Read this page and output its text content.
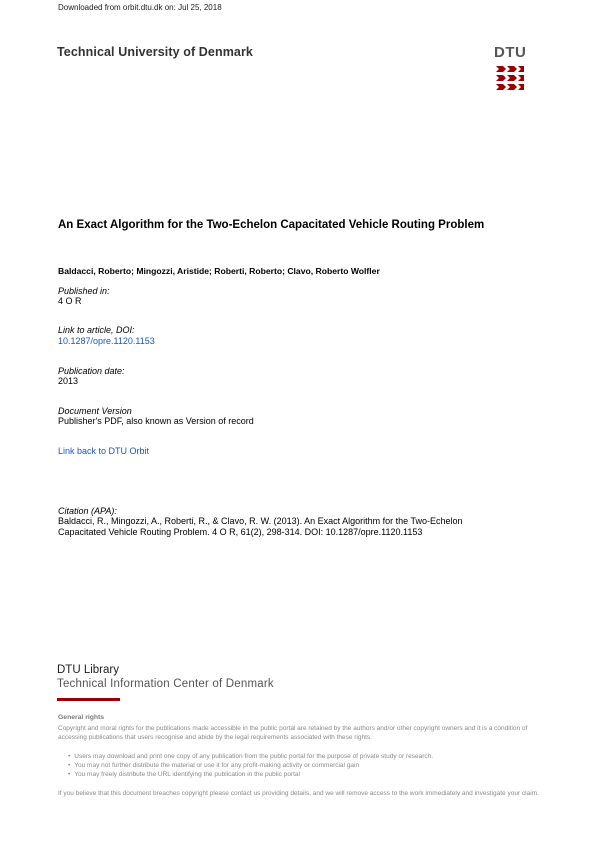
Downloaded from orbit.dtu.dk on: Jul 25, 2018
Technical University of Denmark	DTU
An Exact Algorithm for the Two-Echelon Capacitated Vehicle Routing Problem
Baldacci, Roberto; Mingozzi, Aristide; Roberti, Roberto; Clavo, Roberto Wolfler
Published in:
4 O R
Link to article, DOI:
10.1287/opre.1120.1153
Publication date:
2013
Document Version
Publisher's PDF, also known as Version of record
Link back to DTU Orbit
Citation (APA):
Baldacci, R., Mingozzi, A., Roberti, R., & Clavo, R. W. (2013). An Exact Algorithm for the Two-Echelon
Capacitated Vehicle Routing Problem. 4 O R, 61(2), 298-314. DOI: 10.1287/opre.1120.1153
DTU Library
Technical Information Center of Denmark
General rights
Copyright and moral rights for the publications made accessible in the public portal are retained by the authors and/or other copyright owners and it is a condition of accessing publications that users recognise and abide by the legal requirements associated with these rights.
• Users may download and print one copy of any publication from the public portal for the purpose of private study or research.
• You may not further distribute the material or use it for any profit-making activity or commercial gain
• You may freely distribute the URL identifying the publication in the public portal
If you believe that this document breaches copyright please contact us providing details, and we will remove access to the work immediately and investigate your claim.
